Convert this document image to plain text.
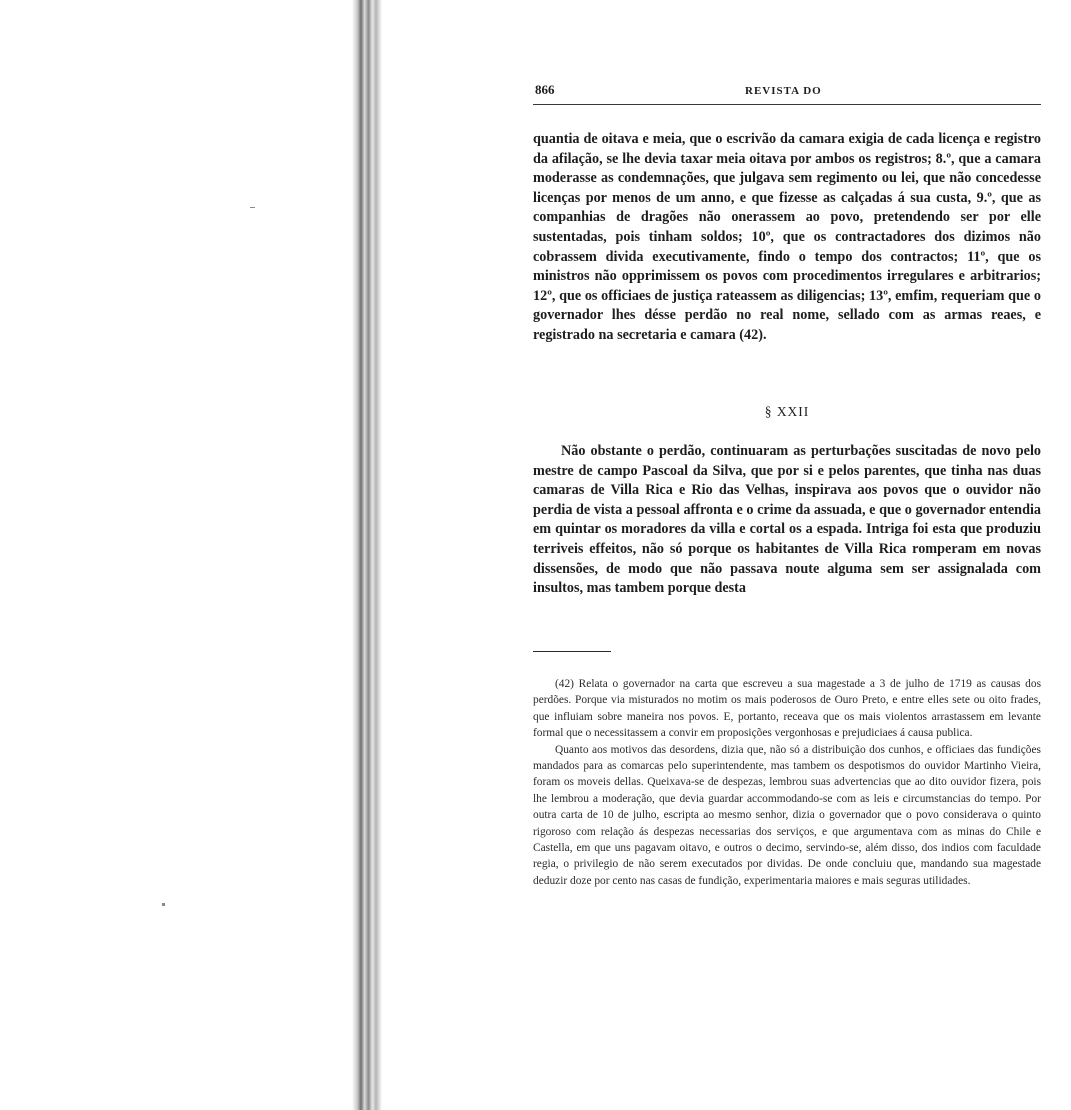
866	REVISTA DO

quantia de oitava e meia, que o escrivão da camara exigia de cada licença e registro da afilação, se lhe devia taxar meia oitava por ambos os registros; 8.º, que a camara moderasse as condemnações, que julgava sem regimento ou lei, que não concedesse licenças por menos de um anno, e que fizesse as calçadas á sua custa, 9.º, que as companhias de dragões não onerassem ao povo, pretendendo ser por elle sustentadas, pois tinham soldos; 10º, que os contractadores dos dizimos não cobrassem divida executivamente, findo o tempo dos contractos; 11º, que os ministros não opprimissem os povos com procedimentos irregulares e arbitrarios; 12º, que os officiaes de justiça rateassem as diligencias; 13º, emfim, requeriam que o governador lhes désse perdão no real nome, sellado com as armas reaes, e registrado na secretaria e camara (42).

§ XXII

Não obstante o perdão, continuaram as perturbações suscitadas de novo pelo mestre de campo Pascoal da Silva, que por si e pelos parentes, que tinha nas duas camaras de Villa Rica e Rio das Velhas, inspirava aos povos que o ouvidor não perdia de vista a pessoal affronta e o crime da assuada, e que o governador entendia em quintar os moradores da villa e cortal os a espada. Intriga foi esta que produziu terriveis effeitos, não só porque os habitantes de Villa Rica romperam em novas dissensões, de modo que não passava noute alguma sem ser assignalada com insultos, mas tambem porque desta

(42) Relata o governador na carta que escreveu a sua magestade a 3 de julho de 1719 as causas dos perdões. Porque via misturados no motim os mais poderosos de Ouro Preto, e entre elles sete ou oito frades, que influiam sobre maneira nos povos. E, portanto, receava que os mais violentos arrastassem em levante formal que o necessitassem a convir em proposições vergonhosas e prejudiciaes á causa publica.

Quanto aos motivos das desordens, dizia que, não só a distribuição dos cunhos, e officiaes das fundições mandados para as comarcas pelo superintendente, mas tambem os despotismos do ouvidor Martinho Vieira, foram os moveis dellas. Queixava-se de despezas, lembrou suas advertencias que ao dito ouvidor fizera, pois lhe lembrou a moderação, que devia guardar accommodando-se com as leis e circumstancias do tempo. Por outra carta de 10 de julho, escripta ao mesmo senhor, dizia o governador que o povo considerava o quinto rigoroso com relação ás despezas necessarias dos serviços, e que argumentava com as minas do Chile e Castella, em que uns pagavam oitavo, e outros o decimo, servindo-se, além disso, dos indios com faculdade regia, o privilegio de não serem executados por dividas. De onde concluiu que, mandando sua magestade deduzir doze por cento nas casas de fundição, experimentaria maiores e mais seguras utilidades.
